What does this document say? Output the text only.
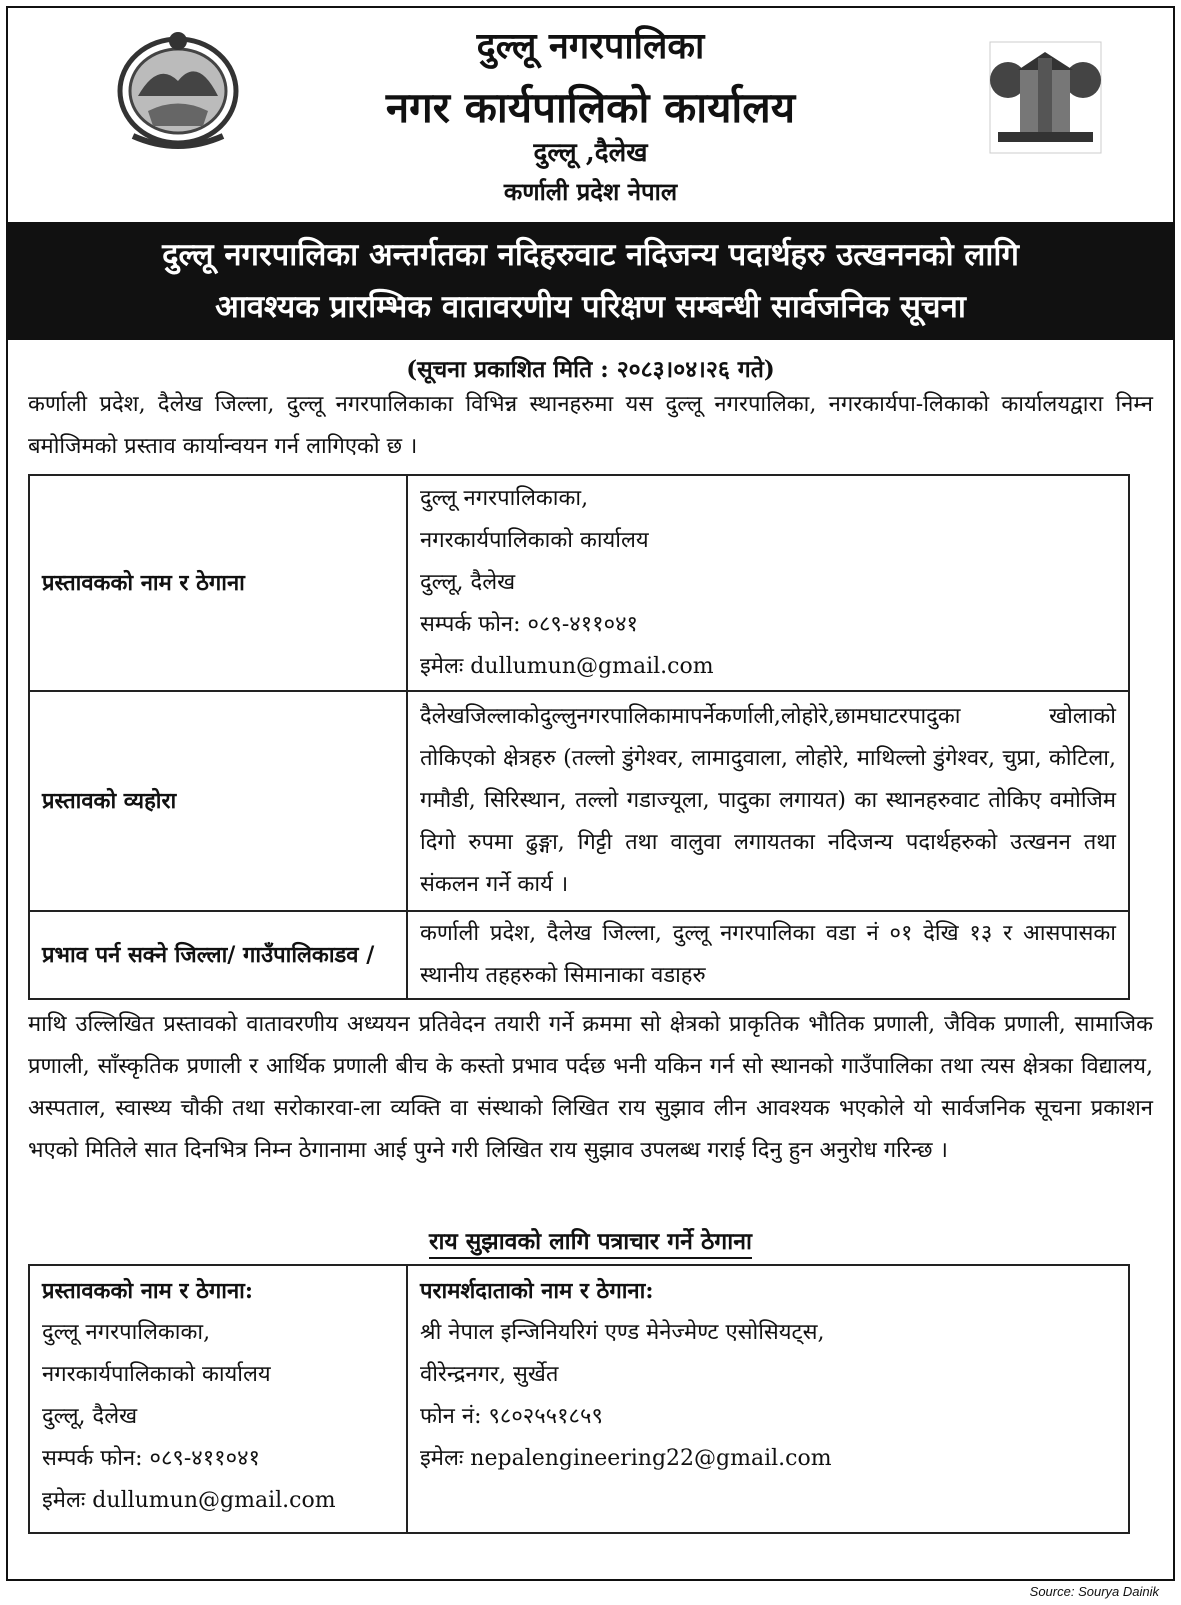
दुल्लू नगरपालिका
नगर कार्यपालिको कार्यालय
दुल्लू ,दैलेख
कर्णाली प्रदेश नेपाल
दुल्लू नगरपालिका अन्तर्गतका नदिहरुवाट नदिजन्य पदार्थहरु उत्खननको लागि
आवश्यक प्रारम्भिक वातावरणीय परिक्षण सम्बन्धी सार्वजनिक सूचना
(सूचना प्रकाशित मिति : २०८३।०४।२६ गते)
कर्णाली प्रदेश, दैलेख जिल्ला, दुल्लू नगरपालिकाका विभिन्न स्थानहरुमा यस दुल्लू नगरपालिका, नगरकार्यपा-लिकाको कार्यालयद्वारा निम्न बमोजिमको प्रस्ताव कार्यान्वयन गर्न लागिएको छ ।
प्रस्तावकको नाम र ठेगाना	दुल्लू नगरपालिकाका,
नगरकार्यपालिकाको कार्यालय
दुल्लू, दैलेख
सम्पर्क फोन: ०८९-४११०४१
इमेलः dullumun@gmail.com

प्रस्तावको व्यहोरा	दैलेखजिल्लाकोदुल्लुनगरपालिकामापर्नेकर्णाली,लोहोरे,छामघाटरपादुका खोलाको तोकिएको क्षेत्रहरु (तल्लो डुंगेश्वर, लामादुवाला, लोहोरे, माथिल्लो डुंगेश्वर, चुप्रा, कोटिला, गमौडी, सिरिस्थान, तल्लो गडाज्यूला, पादुका लगायत) का स्थानहरुवाट तोकिए वमोजिम दिगो रुपमा ढुङ्गा, गिट्टी तथा वालुवा लगायतका नदिजन्य पदार्थहरुको उत्खनन तथा संकलन गर्ने कार्य ।
प्रभाव पर्न सक्ने जिल्ला/ गाउँपालिकाडव /	कर्णाली प्रदेश, दैलेख जिल्ला, दुल्लू नगरपालिका वडा नं ०१ देखि १३ र आसपासका स्थानीय तहहरुको सिमानाका वडाहरु
माथि उल्लिखित प्रस्तावको वातावरणीय अध्ययन प्रतिवेदन तयारी गर्ने क्रममा सो क्षेत्रको प्राकृतिक भौतिक प्रणाली, जैविक प्रणाली, सामाजिक प्रणाली, साँस्कृतिक प्रणाली र आर्थिक प्रणाली बीच के कस्तो प्रभाव पर्दछ भनी यकिन गर्न सो स्थानको गाउँपालिका तथा त्यस क्षेत्रका विद्यालय, अस्पताल, स्वास्थ्य चौकी तथा सरोकारवा-ला व्यक्ति वा संस्थाको लिखित राय सुझाव लीन आवश्यक भएकोले यो सार्वजनिक सूचना प्रकाशन भएको मितिले सात दिनभित्र निम्न ठेगानामा आई पुग्ने गरी लिखित राय सुझाव उपलब्ध गराई दिनु हुन अनुरोध गरिन्छ ।
राय सुझावको लागि पत्राचार गर्ने ठेगाना
प्रस्तावकको नाम र ठेगाना:
दुल्लू नगरपालिकाका,
नगरकार्यपालिकाको कार्यालय
दुल्लू, दैलेख
सम्पर्क फोन: ०८९-४११०४१
इमेलः dullumun@gmail.com

परामर्शदाताको नाम र ठेगाना:
श्री नेपाल इन्जिनियरिगं एण्ड मेनेज्मेण्ट एसोसियट्स,
वीरेन्द्रनगर, सुर्खेत
फोन नं: ९८०२५५१८५९
इमेलः nepalengineering22@gmail.com
Source: Sourya Dainik
